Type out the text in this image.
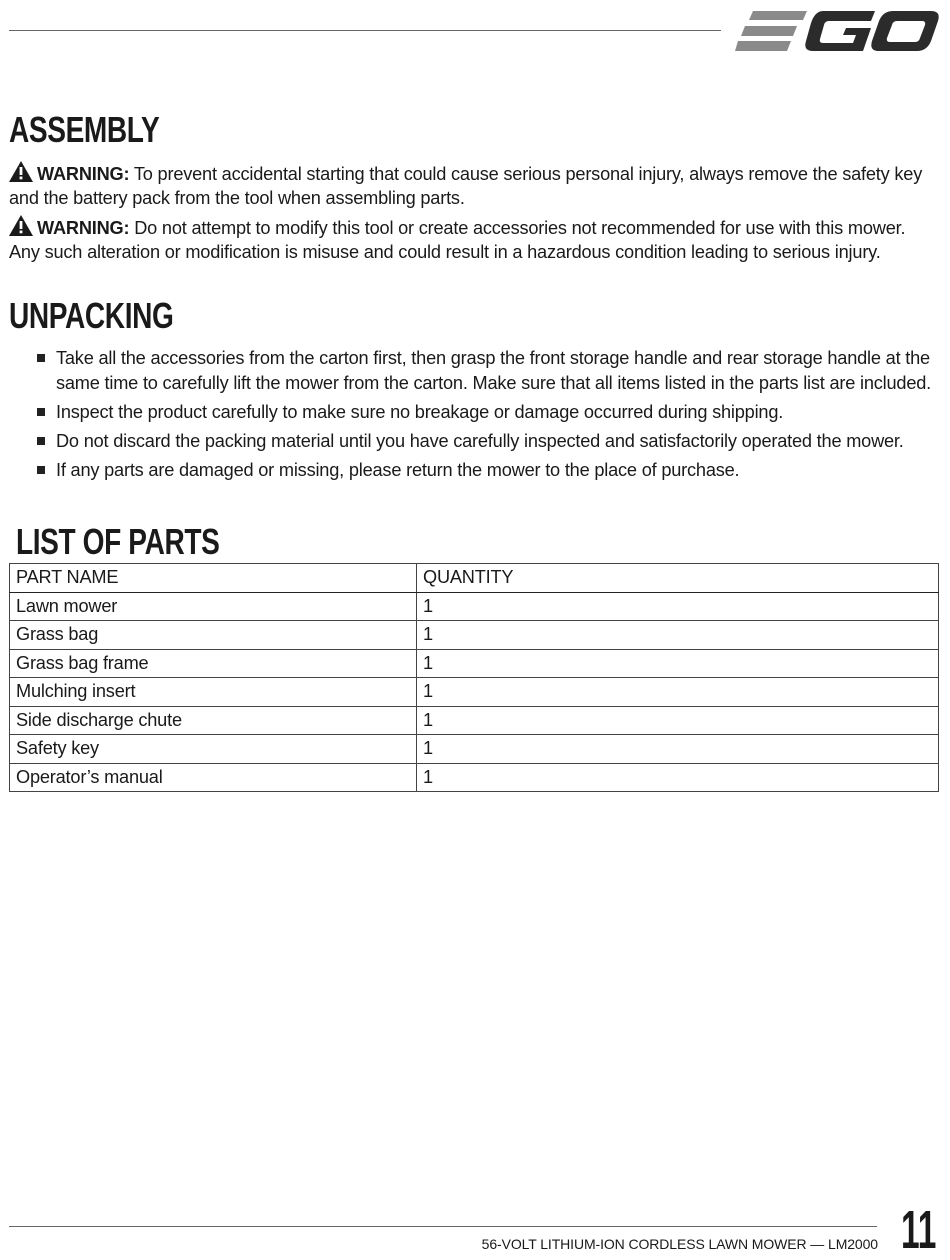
ASSEMBLY

WARNING: To prevent accidental starting that could cause serious personal injury, always remove the safety key and the battery pack from the tool when assembling parts.

WARNING: Do not attempt to modify this tool or create accessories not recommended for use with this mower. Any such alteration or modification is misuse and could result in a hazardous condition leading to serious injury.

UNPACKING
Take all the accessories from the carton first, then grasp the front storage handle and rear storage handle at the same time to carefully lift the mower from the carton. Make sure that all items listed in the parts list are included.
Inspect the product carefully to make sure no breakage or damage occurred during shipping.
Do not discard the packing material until you have carefully inspected and satisfactorily operated the mower.
If any parts are damaged or missing, please return the mower to the place of purchase.
LIST OF PARTS
PART NAME	QUANTITY
Lawn mower	1
Grass bag	1
Grass bag frame	1
Mulching insert	1
Side discharge chute	1
Safety key	1
Operator’s manual	1
56-VOLT LITHIUM-ION CORDLESS LAWN MOWER — LM2000 11
